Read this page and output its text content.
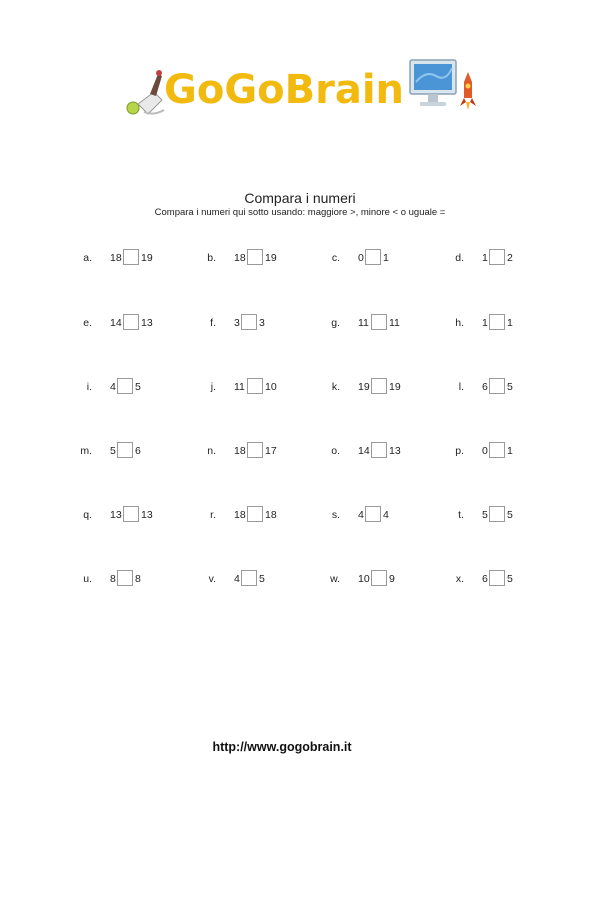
GoGoBrain
Compara i numeri
Compara i numeri qui sotto usando: maggiore >, minore < o uguale =
a. 18 19	b. 18 19	c. 0 1	d. 1 2
e. 14 13	f. 3 3	g. 11 11	h. 1 1
i. 4 5	j. 11 10	k. 19 19	l. 6 5
m. 5 6	n. 18 17	o. 14 13	p. 0 1
q. 13 13	r. 18 18	s. 4 4	t. 5 5
u. 8 8	v. 4 5	w. 10 9	x. 6 5
http://www.gogobrain.it
